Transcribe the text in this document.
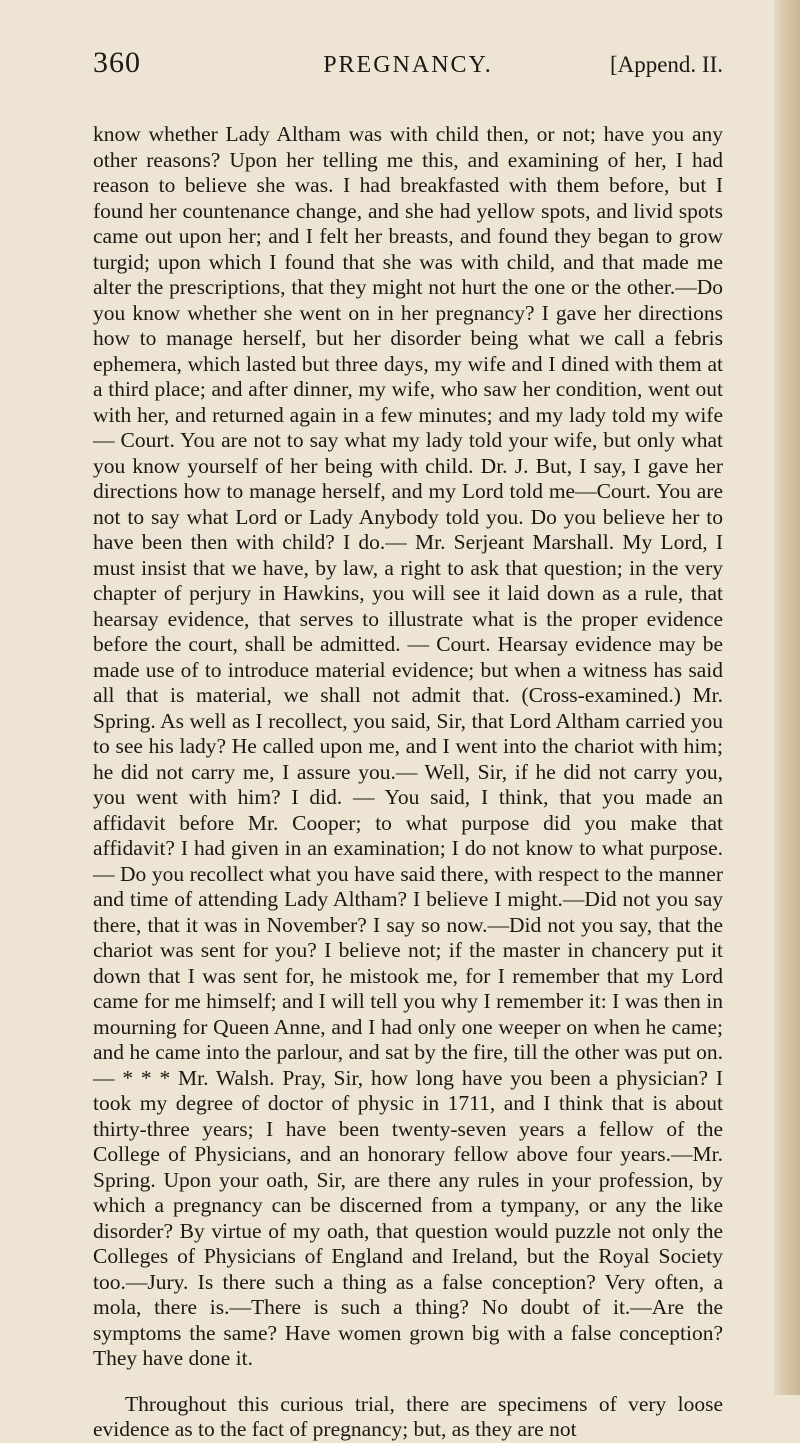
360	PREGNANCY.	[Append. II.

know whether Lady Altham was with child then, or not; have you any other reasons? Upon her telling me this, and examining of her, I had reason to believe she was. I had breakfasted with them before, but I found her countenance change, and she had yellow spots, and livid spots came out upon her; and I felt her breasts, and found they began to grow turgid; upon which I found that she was with child, and that made me alter the prescriptions, that they might not hurt the one or the other.—Do you know whether she went on in her pregnancy? I gave her directions how to manage herself, but her disorder being what we call a febris ephemera, which lasted but three days, my wife and I dined with them at a third place; and after dinner, my wife, who saw her condition, went out with her, and returned again in a few minutes; and my lady told my wife — Court. You are not to say what my lady told your wife, but only what you know yourself of her being with child. Dr. J. But, I say, I gave her directions how to manage herself, and my Lord told me—Court. You are not to say what Lord or Lady Anybody told you. Do you believe her to have been then with child? I do.— Mr. Serjeant Marshall. My Lord, I must insist that we have, by law, a right to ask that question; in the very chapter of perjury in Hawkins, you will see it laid down as a rule, that hearsay evidence, that serves to illustrate what is the proper evidence before the court, shall be admitted. — Court. Hearsay evidence may be made use of to introduce material evidence; but when a witness has said all that is material, we shall not admit that. (Cross-examined.) Mr. Spring. As well as I recollect, you said, Sir, that Lord Altham carried you to see his lady? He called upon me, and I went into the chariot with him; he did not carry me, I assure you.— Well, Sir, if he did not carry you, you went with him? I did. — You said, I think, that you made an affidavit before Mr. Cooper; to what purpose did you make that affidavit? I had given in an examination; I do not know to what purpose. — Do you recollect what you have said there, with respect to the manner and time of attending Lady Altham? I believe I might.—Did not you say there, that it was in November? I say so now.—Did not you say, that the chariot was sent for you? I believe not; if the master in chancery put it down that I was sent for, he mistook me, for I remember that my Lord came for me himself; and I will tell you why I remember it: I was then in mourning for Queen Anne, and I had only one weeper on when he came; and he came into the parlour, and sat by the fire, till the other was put on.— * * * Mr. Walsh. Pray, Sir, how long have you been a physician? I took my degree of doctor of physic in 1711, and I think that is about thirty-three years; I have been twenty-seven years a fellow of the College of Physicians, and an honorary fellow above four years.—Mr. Spring. Upon your oath, Sir, are there any rules in your profession, by which a pregnancy can be discerned from a tympany, or any the like disorder? By virtue of my oath, that question would puzzle not only the Colleges of Physicians of England and Ireland, but the Royal Society too.—Jury. Is there such a thing as a false conception? Very often, a mola, there is.—There is such a thing? No doubt of it.—Are the symptoms the same? Have women grown big with a false conception? They have done it.

Throughout this curious trial, there are specimens of very loose evidence as to the fact of pregnancy; but, as they are not
